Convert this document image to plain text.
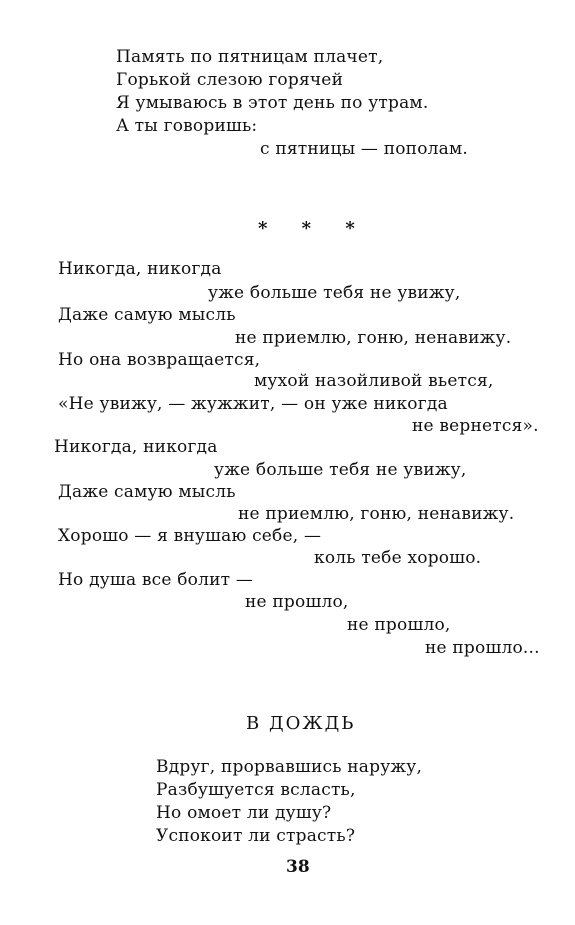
Память по пятницам плачет,
Горькой слезою горячей
Я умываюсь в этот день по утрам.
А ты говоришь:
с пятницы — пополам.
* * *
Никогда, никогда
уже больше тебя не увижу,
Даже самую мысль
не приемлю, гоню, ненавижу.
Но она возвращается,
мухой назойливой вьется,
«Не увижу, — жужжит, — он уже никогда
не вернется».
Никогда, никогда
уже больше тебя не увижу,
Даже самую мысль
не приемлю, гоню, ненавижу.
Хорошо — я внушаю себе, —
коль тебе хорошо.
Но душа все болит —
не прошло,
не прошло,
не прошло...
В ДОЖДЬ
Вдруг, прорвавшись наружу,
Разбушуется всласть,
Но омоет ли душу?
Успокоит ли страсть?
38
